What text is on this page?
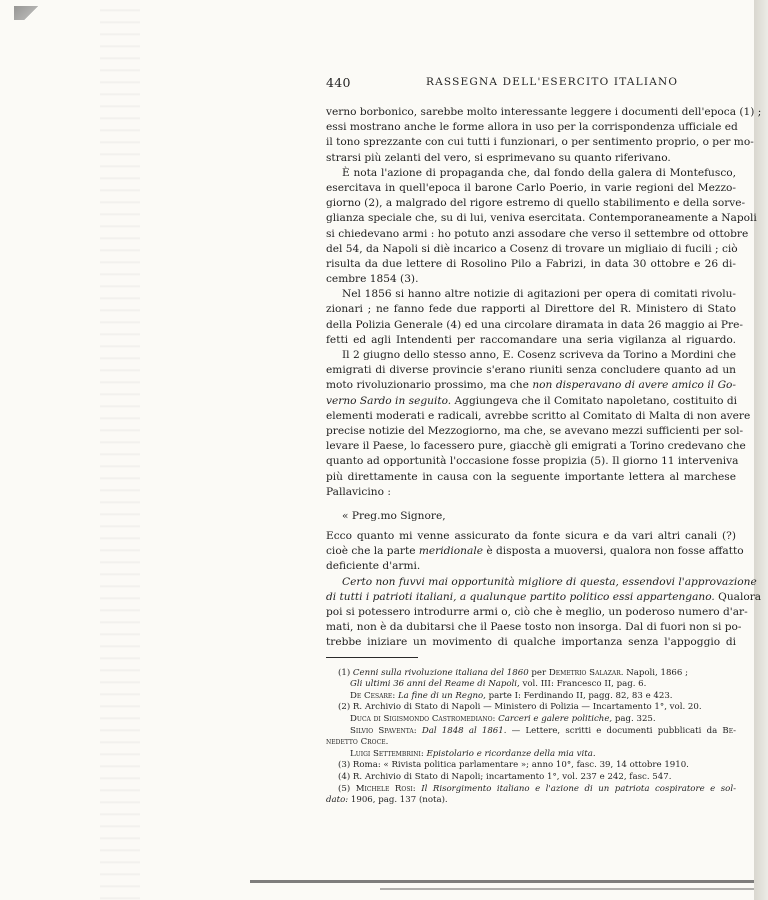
440	RASSEGNA DELL'ESERCITO ITALIANO
verno borbonico, sarebbe molto interessante leggere i documenti dell'epoca (1) ;
essi mostrano anche le forme allora in uso per la corrispondenza ufficiale ed
il tono sprezzante con cui tutti i funzionari, o per sentimento proprio, o per mo-
strarsi più zelanti del vero, si esprimevano su quanto riferivano.
È nota l'azione di propaganda che, dal fondo della galera di Montefusco,
esercitava in quell'epoca il barone Carlo Poerio, in varie regioni del Mezzo-
giorno (2), a malgrado del rigore estremo di quello stabilimento e della sorve-
glianza speciale che, su di lui, veniva esercitata. Contemporaneamente a Napoli
si chiedevano armi : ho potuto anzi assodare che verso il settembre od ottobre
del 54, da Napoli si diè incarico a Cosenz di trovare un migliaio di fucili ; ciò
risulta da due lettere di Rosolino Pilo a Fabrizi, in data 30 ottobre e 26 di-
cembre 1854 (3).
Nel 1856 si hanno altre notizie di agitazioni per opera di comitati rivolu-
zionari ; ne fanno fede due rapporti al Direttore del R. Ministero di Stato
della Polizia Generale (4) ed una circolare diramata in data 26 maggio ai Pre-
fetti ed agli Intendenti per raccomandare una seria vigilanza al riguardo.
Il 2 giugno dello stesso anno, E. Cosenz scriveva da Torino a Mordini che
emigrati di diverse provincie s'erano riuniti senza concludere quanto ad un
moto rivoluzionario prossimo, ma che non disperavano di avere amico il Go-
verno Sardo in seguito. Aggiungeva che il Comitato napoletano, costituito di
elementi moderati e radicali, avrebbe scritto al Comitato di Malta di non avere
precise notizie del Mezzogiorno, ma che, se avevano mezzi sufficienti per sol-
levare il Paese, lo facessero pure, giacchè gli emigrati a Torino credevano che
quanto ad opportunità l'occasione fosse propizia (5). Il giorno 11 interveniva
più direttamente in causa con la seguente importante lettera al marchese
Pallavicino :
« Preg.mo Signore,
Ecco quanto mi venne assicurato da fonte sicura e da vari altri canali (?)
cioè che la parte meridionale è disposta a muoversi, qualora non fosse affatto
deficiente d'armi.
Certo non fuvvi mai opportunità migliore di questa, essendovi l'approvazione
di tutti i patrioti italiani, a qualunque partito politico essi appartengano. Qualora
poi si potessero introdurre armi o, ciò che è meglio, un poderoso numero d'ar-
mati, non è da dubitarsi che il Paese tosto non insorga. Dal di fuori non si po-
trebbe iniziare un movimento di qualche importanza senza l'appoggio di
(1) Cenni sulla rivoluzione italiana del 1860 per Demetrio Salazar. Napoli, 1866 ;
Gli ultimi 36 anni del Reame di Napoli, vol. III: Francesco II, pag. 6.
De Cesare: La fine di un Regno, parte I: Ferdinando II, pagg. 82, 83 e 423.
(2) R. Archivio di Stato di Napoli — Ministero di Polizia — Incartamento 1°, vol. 20.
Duca di Sigismondo Castromediano: Carceri e galere politiche, pag. 325.
Silvio Spaventa: Dal 1848 al 1861. — Lettere, scritti e documenti pubblicati da Be-
nedetto Croce.
Luigi Settembrini: Epistolario e ricordanze della mia vita.
(3) Roma: « Rivista politica parlamentare »; anno 10°, fasc. 39, 14 ottobre 1910.
(4) R. Archivio di Stato di Napoli; incartamento 1°, vol. 237 e 242, fasc. 547.
(5) Michele Rosi: Il Risorgimento italiano e l'azione di un patriota cospiratore e sol-
dato: 1906, pag. 137 (nota).
